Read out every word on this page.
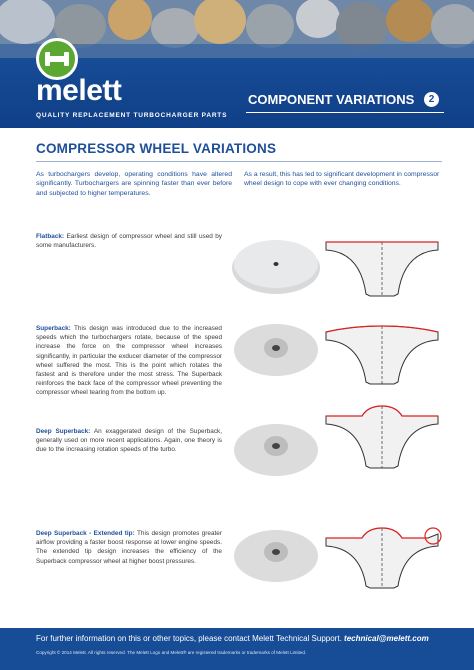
melett
QUALITY REPLACEMENT TURBOCHARGER PARTS
COMPONENT VARIATIONS	2
COMPRESSOR WHEEL VARIATIONS
As turbochargers develop, operating conditions have altered significantly. Turbochargers are spinning faster than ever before and subjected to higher temperatures.
As a result, this has led to significant development in compressor wheel design to cope with ever changing conditions.
Flatback: Earliest design of compressor wheel and still used by some manufacturers.
Superback: This design was introduced due to the increased speeds which the turbochargers rotate, because of the speed increase the force on the compressor wheel increases significantly, in particular the exducer diameter of the compressor wheel suffered the most. This is the point which rotates the fastest and is therefore under the most stress. The Superback reinforces the back face of the compressor wheel preventing the compressor wheel tearing from the bottom up.
Deep Superback: An exaggerated design of the Superback, generally used on more recent applications. Again, one theory is due to the increasing rotation speeds of the turbo.
Deep Superback - Extended tip: This design promotes greater airflow providing a faster boost response at lower engine speeds. The extended tip design increases the efficiency of the Superback compressor wheel at higher boost pressures.
For further information on this or other topics, please contact Melett Technical Support. technical@melett.com
Copyright © 2014 Melett. All rights reserved. The Melett Logo and Melett® are registered trademarks or trademarks of Melett Limited.
